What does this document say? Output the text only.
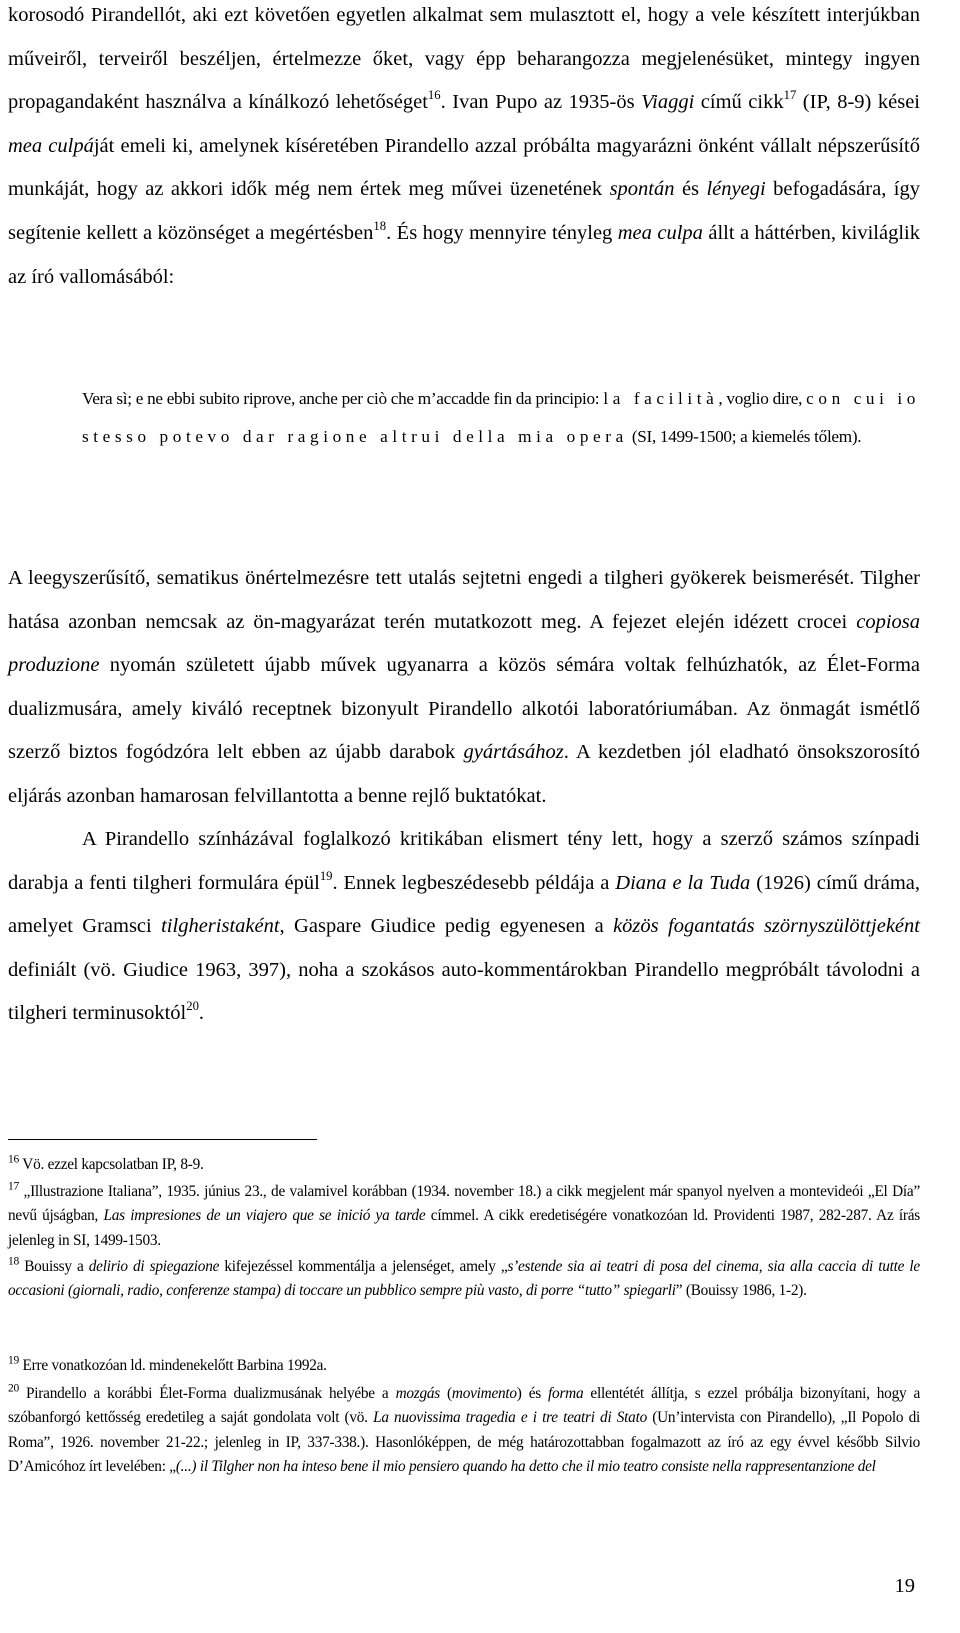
korosodó Pirandellót, aki ezt követően egyetlen alkalmat sem mulasztott el, hogy a vele készített interjúkban műveiről, terveiről beszéljen, értelmezze őket, vagy épp beharangozza megjelenésüket, mintegy ingyen propagandaként használva a kínálkozó lehetőséget$^{16}$. Ivan Pupo az 1935-ös Viaggi című cikk$^{17}$ (IP, 8-9) kései mea culpáját emeli ki, amelynek kíséretében Pirandello azzal próbálta magyarázni önként vállalt népszerűsítő munkáját, hogy az akkori idők még nem értek meg művei üzenetének spontán és lényegi befogadására, így segítenie kellett a közönséget a megértésben$^{18}$. És hogy mennyire tényleg mea culpa állt a háttérben, kiviláglik az író vallomásából:

Vera sì; e ne ebbi subito riprove, anche per ciò che m’accadde fin da principio: la facilità, voglio dire, con cui io stesso potevo dar ragione altrui della mia opera (SI, 1499-1500; a kiemelés tőlem).

A leegyszerűsítő, sematikus önértelmezésre tett utalás sejtetni engedi a tilgheri gyökerek beismerését. Tilgher hatása azonban nemcsak az ön-magyarázat terén mutatkozott meg. A fejezet elején idézett crocei copiosa produzione nyomán született újabb művek ugyanarra a közös sémára voltak felhúzhatók, az Élet-Forma dualizmusára, amely kiváló receptnek bizonyult Pirandello alkotói laboratóriumában. Az önmagát ismétlő szerző biztos fogódzóra lelt ebben az újabb darabok gyártásához. A kezdetben jól eladható önsokszorosító eljárás azonban hamarosan felvillantotta a benne rejlő buktatókat.

A Pirandello színházával foglalkozó kritikában elismert tény lett, hogy a szerző számos színpadi darabja a fenti tilgheri formulára épül$^{19}$. Ennek legbeszédesebb példája a Diana e la Tuda (1926) című dráma, amelyet Gramsci tilgheristaként, Gaspare Giudice pedig egyenesen a közös fogantatás szörnyszülöttjeként definiált (vö. Giudice 1963, 397), noha a szokásos auto-kommentárokban Pirandello megpróbált távolodni a tilgheri terminusoktól$^{20}$.

$^{16}$ Vö. ezzel kapcsolatban IP, 8-9.

$^{17}$ „Illustrazione Italiana”, 1935. június 23., de valamivel korábban (1934. november 18.) a cikk megjelent már spanyol nyelven a montevideói „El Día” nevű újságban, Las impresiones de un viajero que se inició ya tarde címmel. A cikk eredetiségére vonatkozóan ld. Providenti 1987, 282-287. Az írás jelenleg in SI, 1499-1503.

$^{18}$ Bouissy a delirio di spiegazione kifejezéssel kommentálja a jelenséget, amely „s’estende sia ai teatri di posa del cinema, sia alla caccia di tutte le occasioni (giornali, radio, conferenze stampa) di toccare un pubblico sempre più vasto, di porre “tutto” spiegarli” (Bouissy 1986, 1-2).

$^{19}$ Erre vonatkozóan ld. mindenekelőtt Barbina 1992a.

$^{20}$ Pirandello a korábbi Élet-Forma dualizmusának helyébe a mozgás (movimento) és forma ellentétét állítja, s ezzel próbálja bizonyítani, hogy a szóbanforgó kettősség eredetileg a saját gondolata volt (vö. La nuovissima tragedia e i tre teatri di Stato (Un’intervista con Pirandello), „Il Popolo di Roma”, 1926. november 21-22.; jelenleg in IP, 337-338.). Hasonlóképpen, de még határozottabban fogalmazott az író az egy évvel később Silvio D’Amicóhoz írt levelében: „(...) il Tilgher non ha inteso bene il mio pensiero quando ha detto che il mio teatro consiste nella rappresentanzione del

19
